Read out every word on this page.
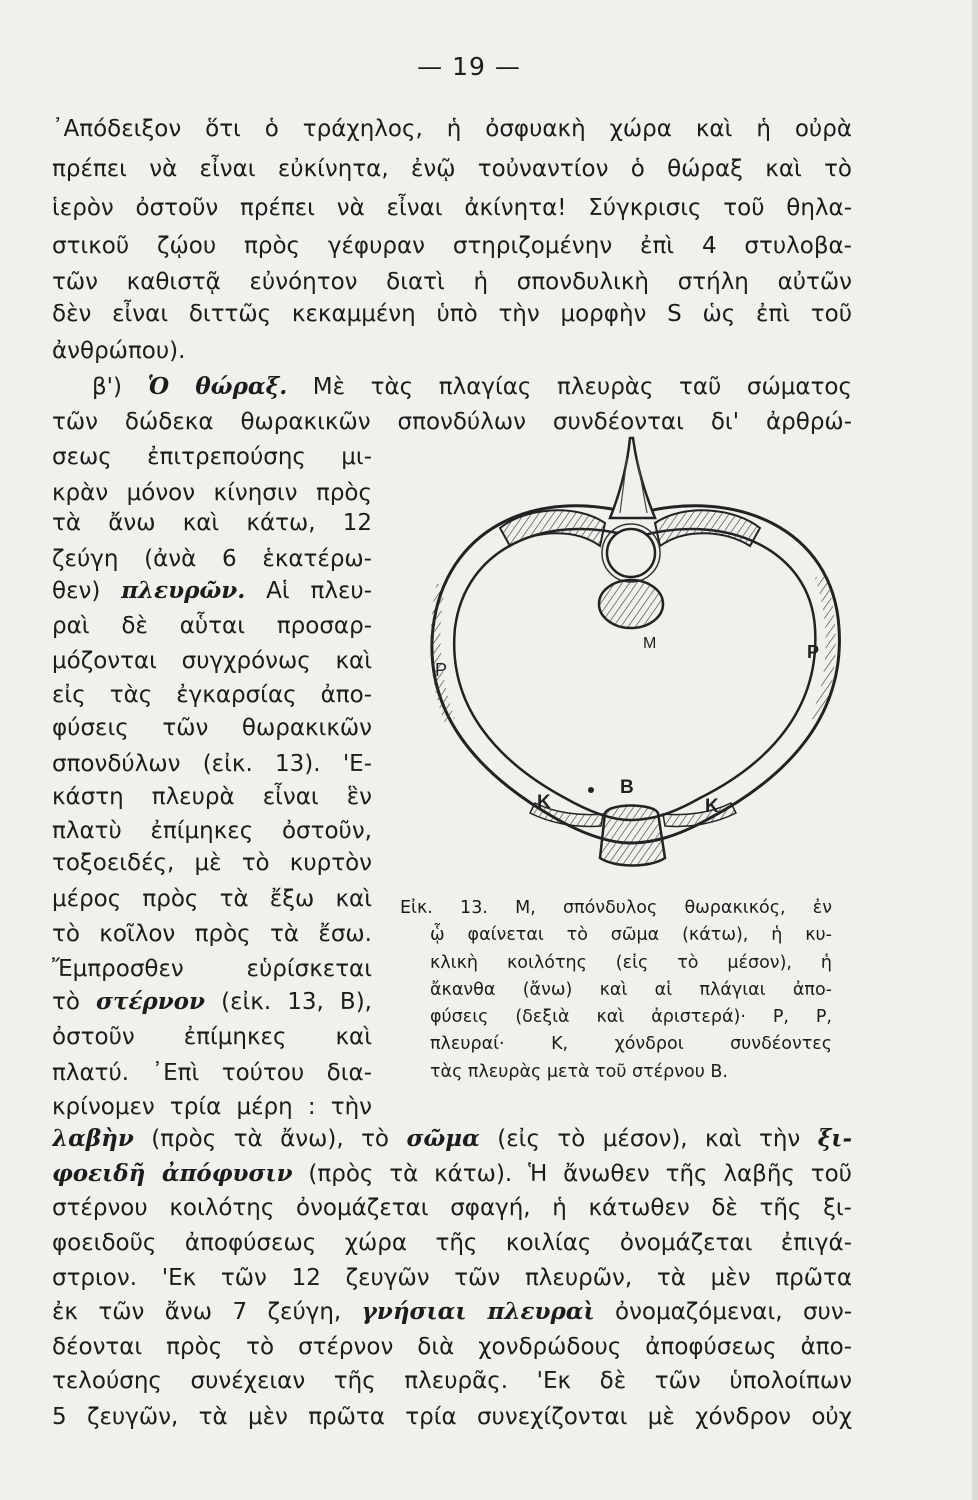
— 19 —
᾿Απόδειξον ὅτι ὁ τράχηλος, ἡ ὀσφυακὴ χώρα καὶ ἡ οὐρὰ
πρέπει νὰ εἶναι εὐκίνητα, ἐνῷ τοὐναντίον ὁ θώραξ καὶ τὸ
ἱερὸν ὀστοῦν πρέπει νὰ εἶναι ἀκίνητα! Σύγκρισις τοῦ θηλα-
στικοῦ ζῴου πρὸς γέφυραν στηριζομένην ἐπὶ 4 στυλοβα-
τῶν καθιστᾷ εὐνόητον διατὶ ἡ σπονδυλικὴ στήλη αὐτῶν
δὲν εἶναι διττῶς κεκαμμένη ὑπὸ τὴν μορφὴν S ὡς ἐπὶ τοῦ
ἀνθρώπου).
β') Ὁ θώραξ. Μὲ τὰς πλαγίας πλευρὰς ταῦ σώματος
τῶν δώδεκα θωρακικῶν σπονδύλων συνδέονται δι' ἀρθρώ-
σεως ἐπιτρεπούσης μι-
κρὰν μόνον κίνησιν πρὸς
τὰ ἄνω καὶ κάτω, 12
ζεύγη (ἀνὰ 6 ἑκατέρω-
θεν) πλευρῶν. Αἱ πλευ-
ραὶ δὲ αὗται προσαρ-
μόζονται συγχρόνως καὶ
εἰς τὰς ἐγκαρσίας ἀπο-
φύσεις τῶν θωρακικῶν
σπονδύλων (εἰκ. 13). 'Ε-
κάστη πλευρὰ εἶναι ἓν
πλατὺ ἐπίμηκες ὀστοῦν,
τοξοειδές, μὲ τὸ κυρτὸν
μέρος πρὸς τὰ ἔξω καὶ
τὸ κοῖλον πρὸς τὰ ἔσω.
Ἔμπροσθεν εὑρίσκεται
τὸ στέρνον (εἰκ. 13, Β),
ὀστοῦν ἐπίμηκες καὶ
πλατύ. ᾿Επὶ τούτου δια-
κρίνομεν τρία μέρη : τὴν
Μ
Ρ
Ρ
Β
Κ	Κ
Εἰκ. 13. Μ, σπόνδυλος θωρακικός, ἐν
ᾧ φαίνεται τὸ σῶμα (κάτω), ἡ κυ-
κλικὴ κοιλότης (εἰς τὸ μέσον), ἡ
ἄκανθα (ἄνω) καὶ αἱ πλάγιαι ἀπο-
φύσεις (δεξιὰ καὶ ἀριστερά)· Ρ, Ρ,
πλευραί· Κ, χόνδροι συνδέοντες
τὰς πλευρὰς μετὰ τοῦ στέρνου Β.
λαβὴν (πρὸς τὰ ἄνω), τὸ σῶμα (εἰς τὸ μέσον), καὶ τὴν ξι-
φοειδῆ ἀπόφυσιν (πρὸς τὰ κάτω). Ἡ ἄνωθεν τῆς λαβῆς τοῦ
στέρνου κοιλότης ὀνομάζεται σφαγή, ἡ κάτωθεν δὲ τῆς ξι-
φοειδοῦς ἀποφύσεως χώρα τῆς κοιλίας ὀνομάζεται ἐπιγά-
στριον. 'Εκ τῶν 12 ζευγῶν τῶν πλευρῶν, τὰ μὲν πρῶτα
ἐκ τῶν ἄνω 7 ζεύγη, γνήσιαι πλευραὶ ὀνομαζόμεναι, συν-
δέονται πρὸς τὸ στέρνον διὰ χονδρώδους ἀποφύσεως ἀπο-
τελούσης συνέχειαν τῆς πλευρᾶς. 'Εκ δὲ τῶν ὑπολοίπων
5 ζευγῶν, τὰ μὲν πρῶτα τρία συνεχίζονται μὲ χόνδρον οὐχ
